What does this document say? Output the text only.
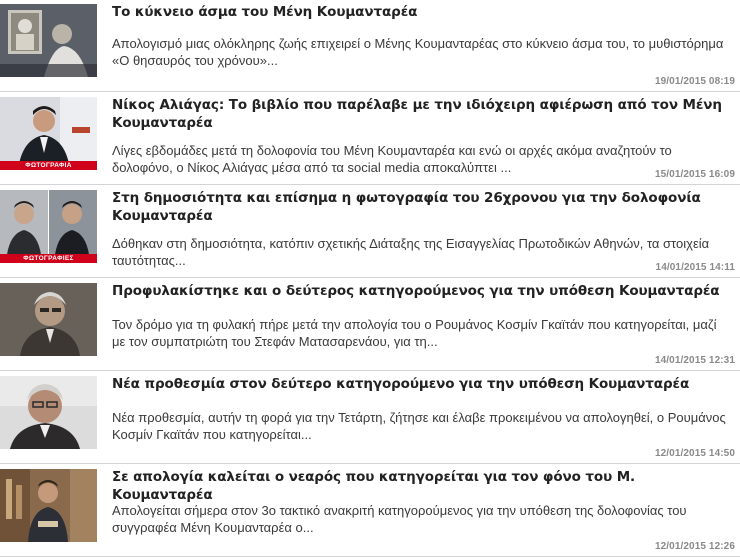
Το κύκνειο άσμα του Μένη Κουμανταρέα

Απολογισμό μιας ολόκληρης ζωής επιχειρεί ο Μένης Κουμανταρέας στο κύκνειο άσμα του, το μυθιστόρημα «Ο θησαυρός του χρόνου»...

19/01/2015 08:19
ΦΩΤΟΓΡΑΦΙΑ
Νίκος Αλιάγας: Το βιβλίο που παρέλαβε με την ιδιόχειρη αφιέρωση από τον Μένη Κουμανταρέα

Λίγες εβδομάδες μετά τη δολοφονία του Μένη Κουμανταρέα και ενώ οι αρχές ακόμα αναζητούν το δολοφόνο, ο Νίκος Αλιάγας μέσα από τα social media αποκαλύπτει ...	15/01/2015 16:09
ΦΩΤΟΓΡΑΦΙΕΣ
Στη δημοσιότητα και επίσημα η φωτογραφία του 26χρονου για την δολοφονία Κουμανταρέα

Δόθηκαν στη δημοσιότητα, κατόπιν σχετικής Διάταξης της Εισαγγελίας Πρωτοδικών Αθηνών, τα στοιχεία ταυτότητας...	14/01/2015 14:11
Προφυλακίστηκε και ο δεύτερος κατηγορούμενος για την υπόθεση Κουμανταρέα

Τον δρόμο για τη φυλακή πήρε μετά την απολογία του ο Ρουμάνος Κοσμίν Γκαϊτάν που κατηγορείται, μαζί με τον συμπατριώτη του Στεφάν Ματασαρενάου, για τη...

14/01/2015 12:31
Νέα προθεσμία στον δεύτερο κατηγορούμενο για την υπόθεση Κουμανταρέα

Νέα προθεσμία, αυτήν τη φορά για την Τετάρτη, ζήτησε και έλαβε προκειμένου να απολογηθεί, ο Ρουμάνος Κοσμίν Γκαϊτάν που κατηγορείται...

12/01/2015 14:50
Σε απολογία καλείται ο νεαρός που κατηγορείται για τον φόνο του Μ. Κουμανταρέα

Απολογείται σήμερα στον 3ο τακτικό ανακριτή κατηγορούμενος για την υπόθεση της δολοφονίας του συγγραφέα Μένη Κουμανταρέα ο...

12/01/2015 12:26
